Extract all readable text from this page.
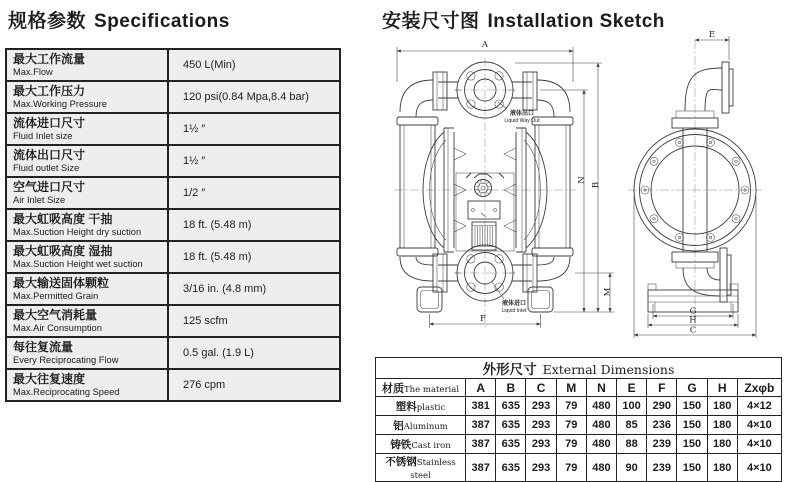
规格参数 Specifications	安装尺寸图 Installation Sketch
最大工作流量
Max.Flow	450 L(Min)

最大工作压力
Max.Working Pressure	120 psi(0.84 Mpa,8.4 bar)

流体进口尺寸
Fluid Inlet size	1½ ″

流体出口尺寸
Fluid outlet Size	1½ ″

空气进口尺寸
Air Inlet Size	1/2 ″

最大虹吸高度 干抽
Max.Suction Height dry suction	18 ft. (5.48 m)

最大虹吸高度 湿抽
Max.Suction Height wet suction	18 ft. (5.48 m)

最大输送固体颗粒
Max.Permitted Grain	3/16 in. (4.8 mm)

最大空气消耗量
Max.Air Consumption	125 scfm

每往复流量
Every Reciprocating Flow	0.5 gal. (1.9 L)

最大往复速度
Max.Reciprocating Speed	276 cpm
液体出口
Liquid Way Out
液体进口
Liquid Inlet
A
N
B
M
F
E
G
H
C
外形尺寸 External Dimensions										
材质The material	A	B	C	M	N	E	F	G	H	Zxφb
塑料plastic	381	635	293	79	480	100	290	150	180	4×12
铝Aluminum	387	635	293	79	480	85	236	150	180	4×10
铸铁Cast iron	387	635	293	79	480	88	239	150	180	4×10
不锈钢Stainless steel	387	635	293	79	480	90	239	150	180	4×10
